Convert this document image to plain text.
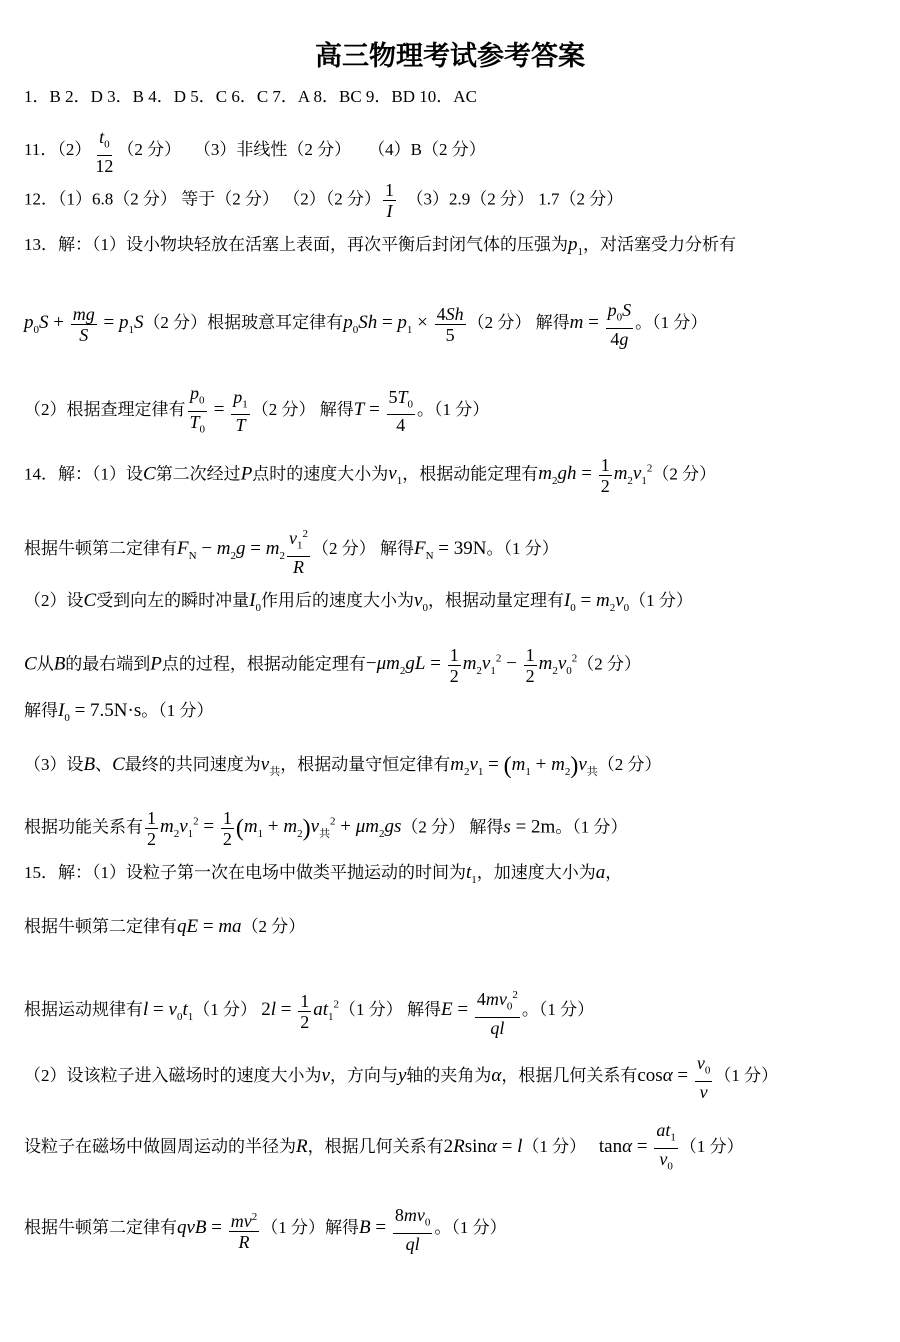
高三物理考试参考答案
1．B 2．D 3．B 4．D 5．C 6．C 7．A 8．BC 9．BD 10．AC
11．$(2) \frac{t_0}{12} (2$ 分） （3）非线性（2 分） （4）B（2 分）
12．（1）6.8（2 分） 等于（2 分） （2）（2 分） $\frac{1}{I} (3)2.9(2$ 分） 1.7（2 分）
13．解：（1）设小物块轻放在活塞上表面，再次平衡后封闭气体的压强为$p_1$，对活塞受力分析有
$p_0S + \frac{mg}{S} = p_1S(2$ 分）根据玻意耳定律有$p_0Sh = p_1 \times \frac{4Sh}{5} (2$ 分） 解得$m = \frac{p_0S}{4g}$ 。（1 分）
（2）根据查理定律有 $\frac{p_0}{T_0} = \frac{p_1}{T} (2$ 分） 解得$T = \frac{5T_0}{4}$ 。（1 分）
14．解：（1）设C第二次经过P点时的速度大小为$v_1$，根据动能定理有$m_2gh = \frac{1}{2} m_2v_1^2(2$ 分）
根据牛顿第二定律有$F_N - m_2g = m_2 \frac{v_1^2}{R} (2$ 分） 解得$F_N = 39N$。（1 分）
（2）设C受到向左的瞬时冲量$I_0$作用后的速度大小为$v_0$，根据动量定理有$I_0 = m_2v_0(1$ 分）
C从B的最右端到P点的过程，根据动能定理有$-\mu m_2gL = \frac{1}{2} m_2v_1^2 - \frac{1}{2} m_2v_0^2(2$ 分）
解得$I_0 = 7.5N\cdot s$。（1 分）
（3）设B、C最终的共同速度为$v_共$，根据动量守恒定律有$m_2v_1 = (m_1 + m_2)v_共(2$ 分）
根据功能关系有 $\frac{1}{2} m_2v_1^2 = \frac{1}{2} (m_1 + m_2)v_共^2 + \mu m_2gs(2$ 分） 解得s = 2m。（1 分）
15．解：（1）设粒子第一次在电场中做类平抛运动的时间为$t_1$，加速度大小为a，
根据牛顿第二定律有qE = ma（2 分）
根据运动规律有$l = v_0t_1(1$ 分） $2l = \frac{1}{2} at_1^2(1$ 分） 解得$E = \frac{4mv_0^2}{ql}$ 。（1 分）
（2）设该粒子进入磁场时的速度大小为v，方向与y轴的夹角为α，根据几何关系有$\cos\alpha = \frac{v_0}{v} (1$ 分）
设粒子在磁场中做圆周运动的半径为R，根据几何关系有2Rsinα = l（1 分）   $\tan\alpha = \frac{at_1}{v_0} (1$ 分）
根据牛顿第二定律有qvB = $\frac{mv^2}{R} (1$ 分）解得$B = \frac{8mv_0}{ql}$ 。（1 分）
